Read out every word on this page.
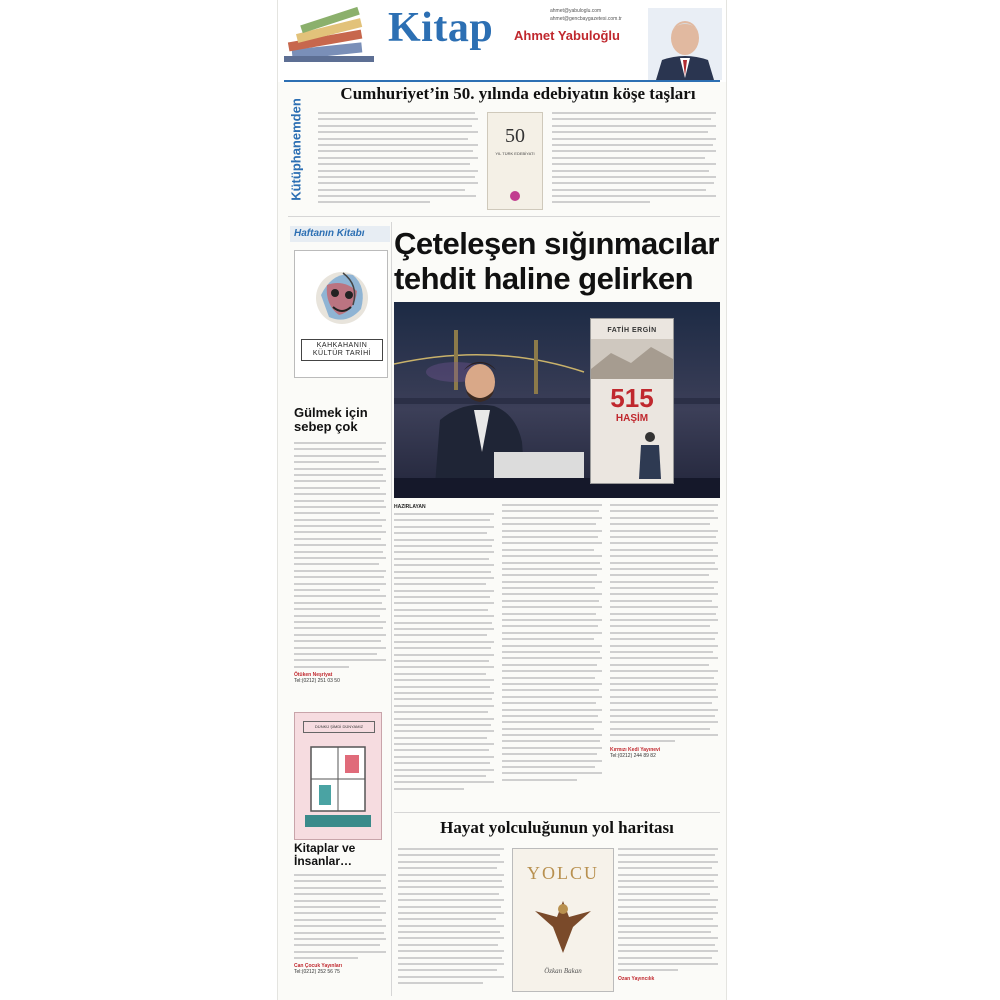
Kitap	ahmet@yabuloglu.com
ahmet@gencbaygazetesi.com.tr
Ahmet Yabuloğlu
Kütüphanemden
Cumhuriyet’in 50. yılında edebiyatın köşe taşları
50
YIL TÜRK EDEBİYATI
Haftanın Kitabı
KAHKAHANIN KÜLTÜR TARİHİ
Gülmek için sebep çok
Ötüken Neşriyat
Tel:(0212) 251 03 50
DÜNKÜ ŞİMDİ DÜNYAMIZ
Kitaplar ve İnsanlar…
Can Çocuk Yayınları
Tel:(0212) 252 56 75
Çeteleşen sığınmacılar tehdit haline gelirken
FATİH ERGİN
515
HAŞİM
HAZIRLAYAN
Kırmızı Kedi Yayınevi
Tel:(0212) 244 89 82
Hayat yolculuğunun yol haritası
YOLCU
Özkan Bakan
Ozan Yayıncılık
